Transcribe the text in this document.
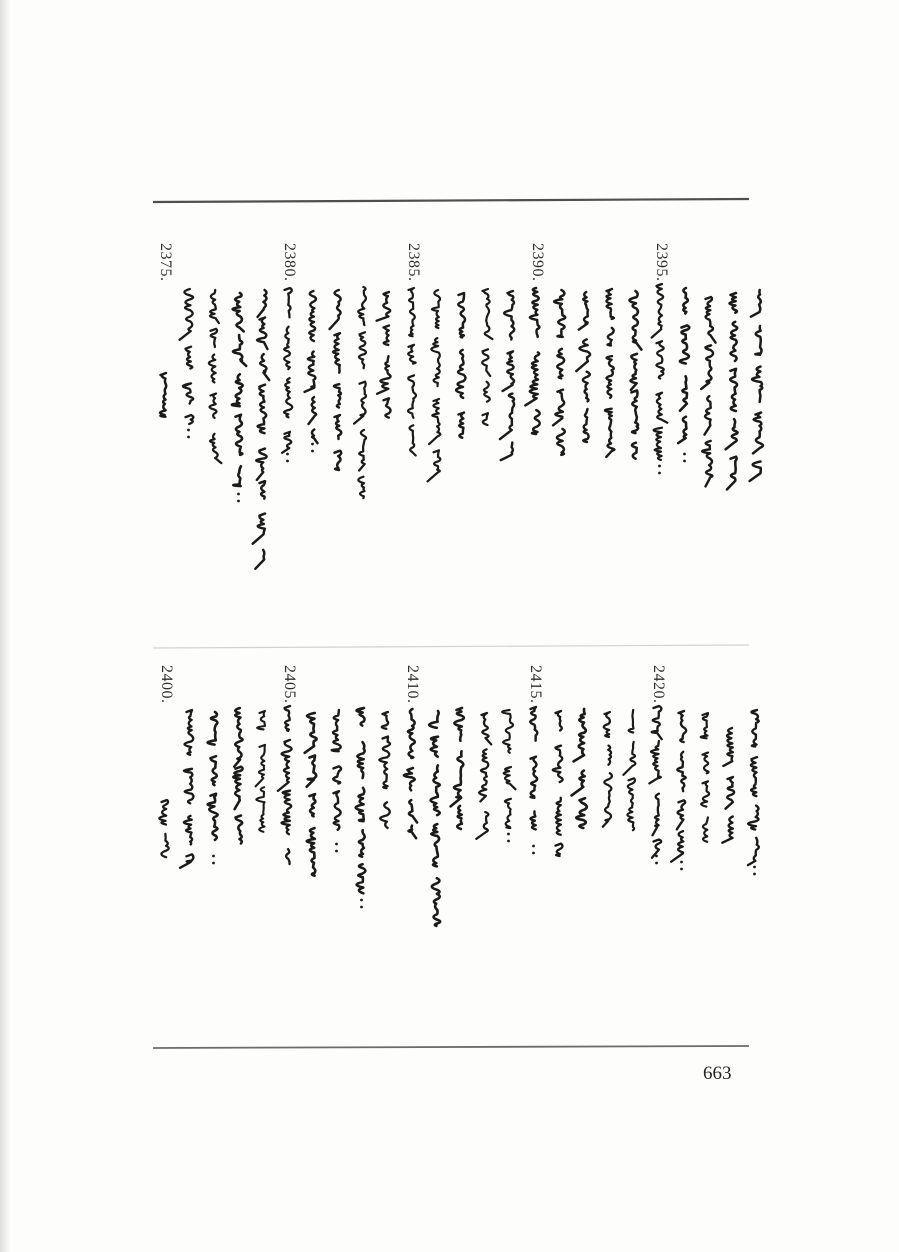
2375.	2380.	2385.	2390.	2395.
2400.	2405.	2410.	2415.	2420.
663
